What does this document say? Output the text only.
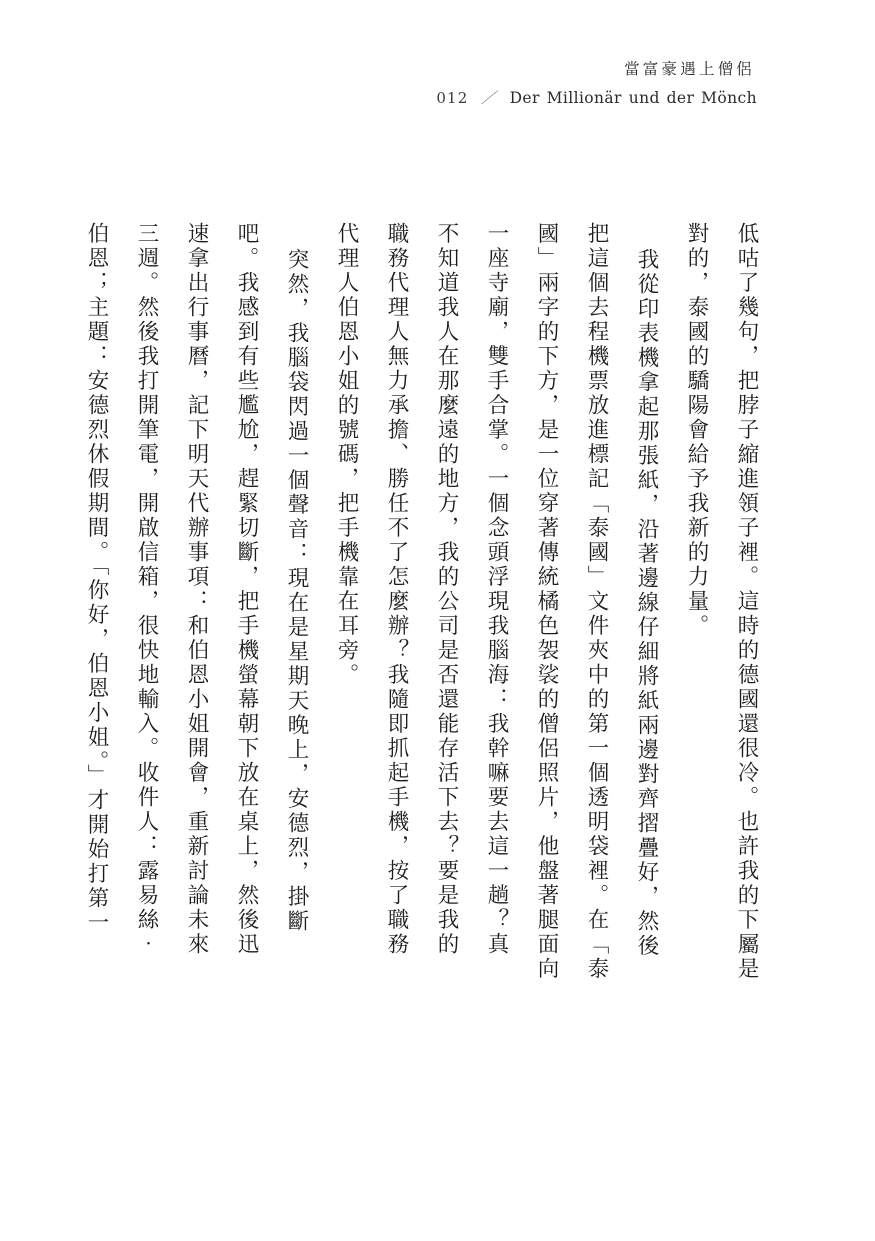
當富豪遇上僧侶
012 ／ Der Millionär und der Mönch
低咕了幾句，把脖子縮進領子裡。這時的德國還很冷。也許我的下屬是
對的，泰國的驕陽會給予我新的力量。
我從印表機拿起那張紙，沿著邊線仔細將紙兩邊對齊摺疊好，然後
把這個去程機票放進標記「泰國」文件夾中的第一個透明袋裡。在「泰
國」兩字的下方，是一位穿著傳統橘色袈裟的僧侶照片，他盤著腿面向
一座寺廟，雙手合掌。一個念頭浮現我腦海：我幹嘛要去這一趟？真
不知道我人在那麼遠的地方，我的公司是否還能存活下去？要是我的
職務代理人無力承擔、勝任不了怎麼辦？我隨即抓起手機，按了職務
代理人伯恩小姐的號碼，把手機靠在耳旁。
突然，我腦袋閃過一個聲音：現在是星期天晚上，安德烈，掛斷
吧。我感到有些尷尬，趕緊切斷，把手機螢幕朝下放在桌上，然後迅
速拿出行事曆，記下明天代辦事項：和伯恩小姐開會，重新討論未來
三週。然後我打開筆電，開啟信箱，很快地輸入。收件人：露易絲‧
伯恩；主題：安德烈休假期間。「你好，伯恩小姐。」才開始打第一
